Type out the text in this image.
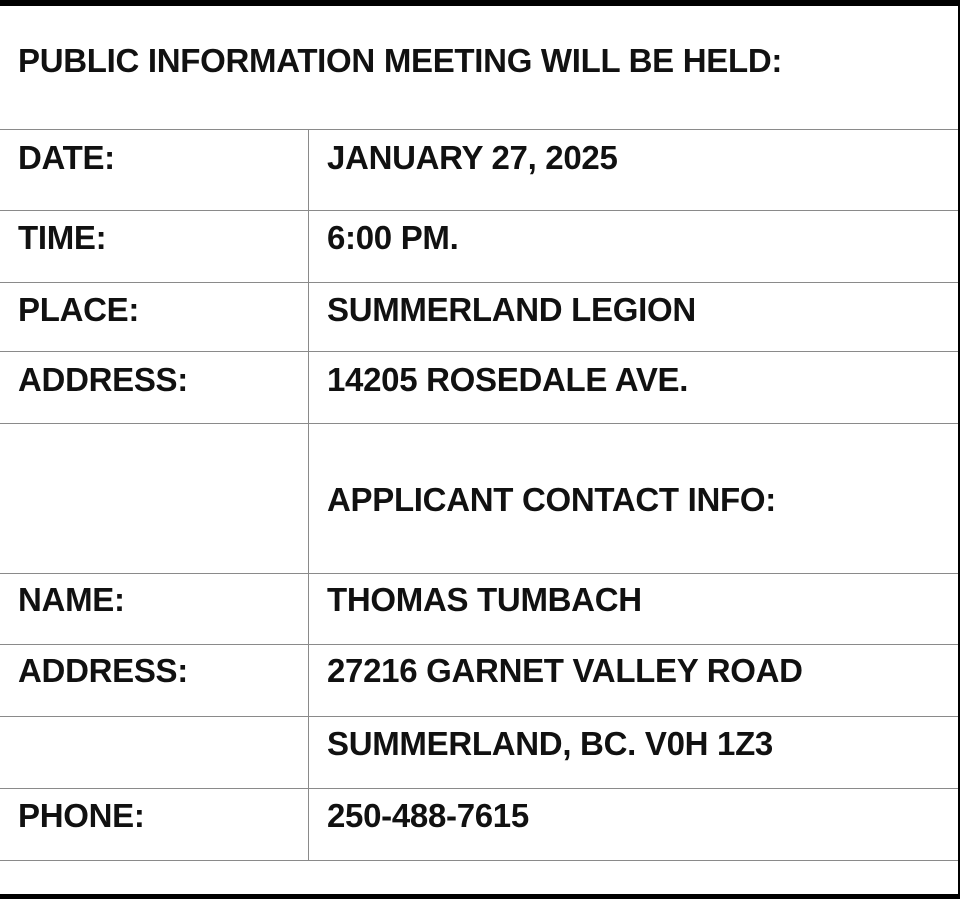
PUBLIC INFORMATION MEETING WILL BE HELD:
DATE:	JANUARY 27, 2025
TIME:	6:00 PM.
PLACE:	SUMMERLAND LEGION
ADDRESS:	14205 ROSEDALE AVE.
APPLICANT CONTACT INFO:
NAME:	THOMAS TUMBACH
ADDRESS:	27216 GARNET VALLEY ROAD
SUMMERLAND, BC. V0H 1Z3
PHONE:	250-488-7615
